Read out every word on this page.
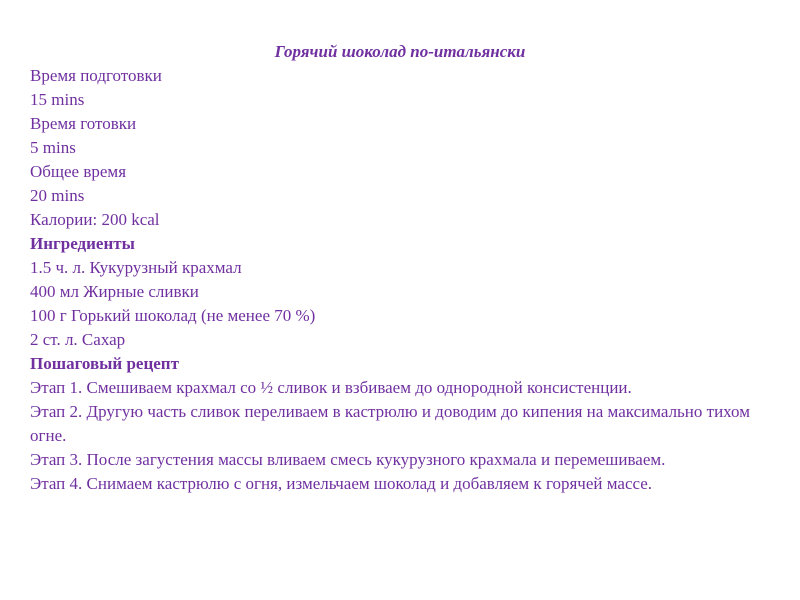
Горячий шоколад по-итальянски
Время подготовки
15 mins
Время готовки
5 mins
Общее время
20 mins
Калории: 200 kcal
Ингредиенты
1.5 ч. л. Кукурузный крахмал
400 мл Жирные сливки
100 г Горький шоколад (не менее 70 %)
2 ст. л. Сахар
Пошаговый рецепт
Этап 1. Смешиваем крахмал со ½ сливок и взбиваем до однородной консистенции.
Этап 2. Другую часть сливок переливаем в кастрюлю и доводим до кипения на максимально тихом огне.
Этап 3. После загустения массы вливаем смесь кукурузного крахмала и перемешиваем.
Этап 4. Снимаем кастрюлю с огня, измельчаем шоколад и добавляем к горячей массе.
